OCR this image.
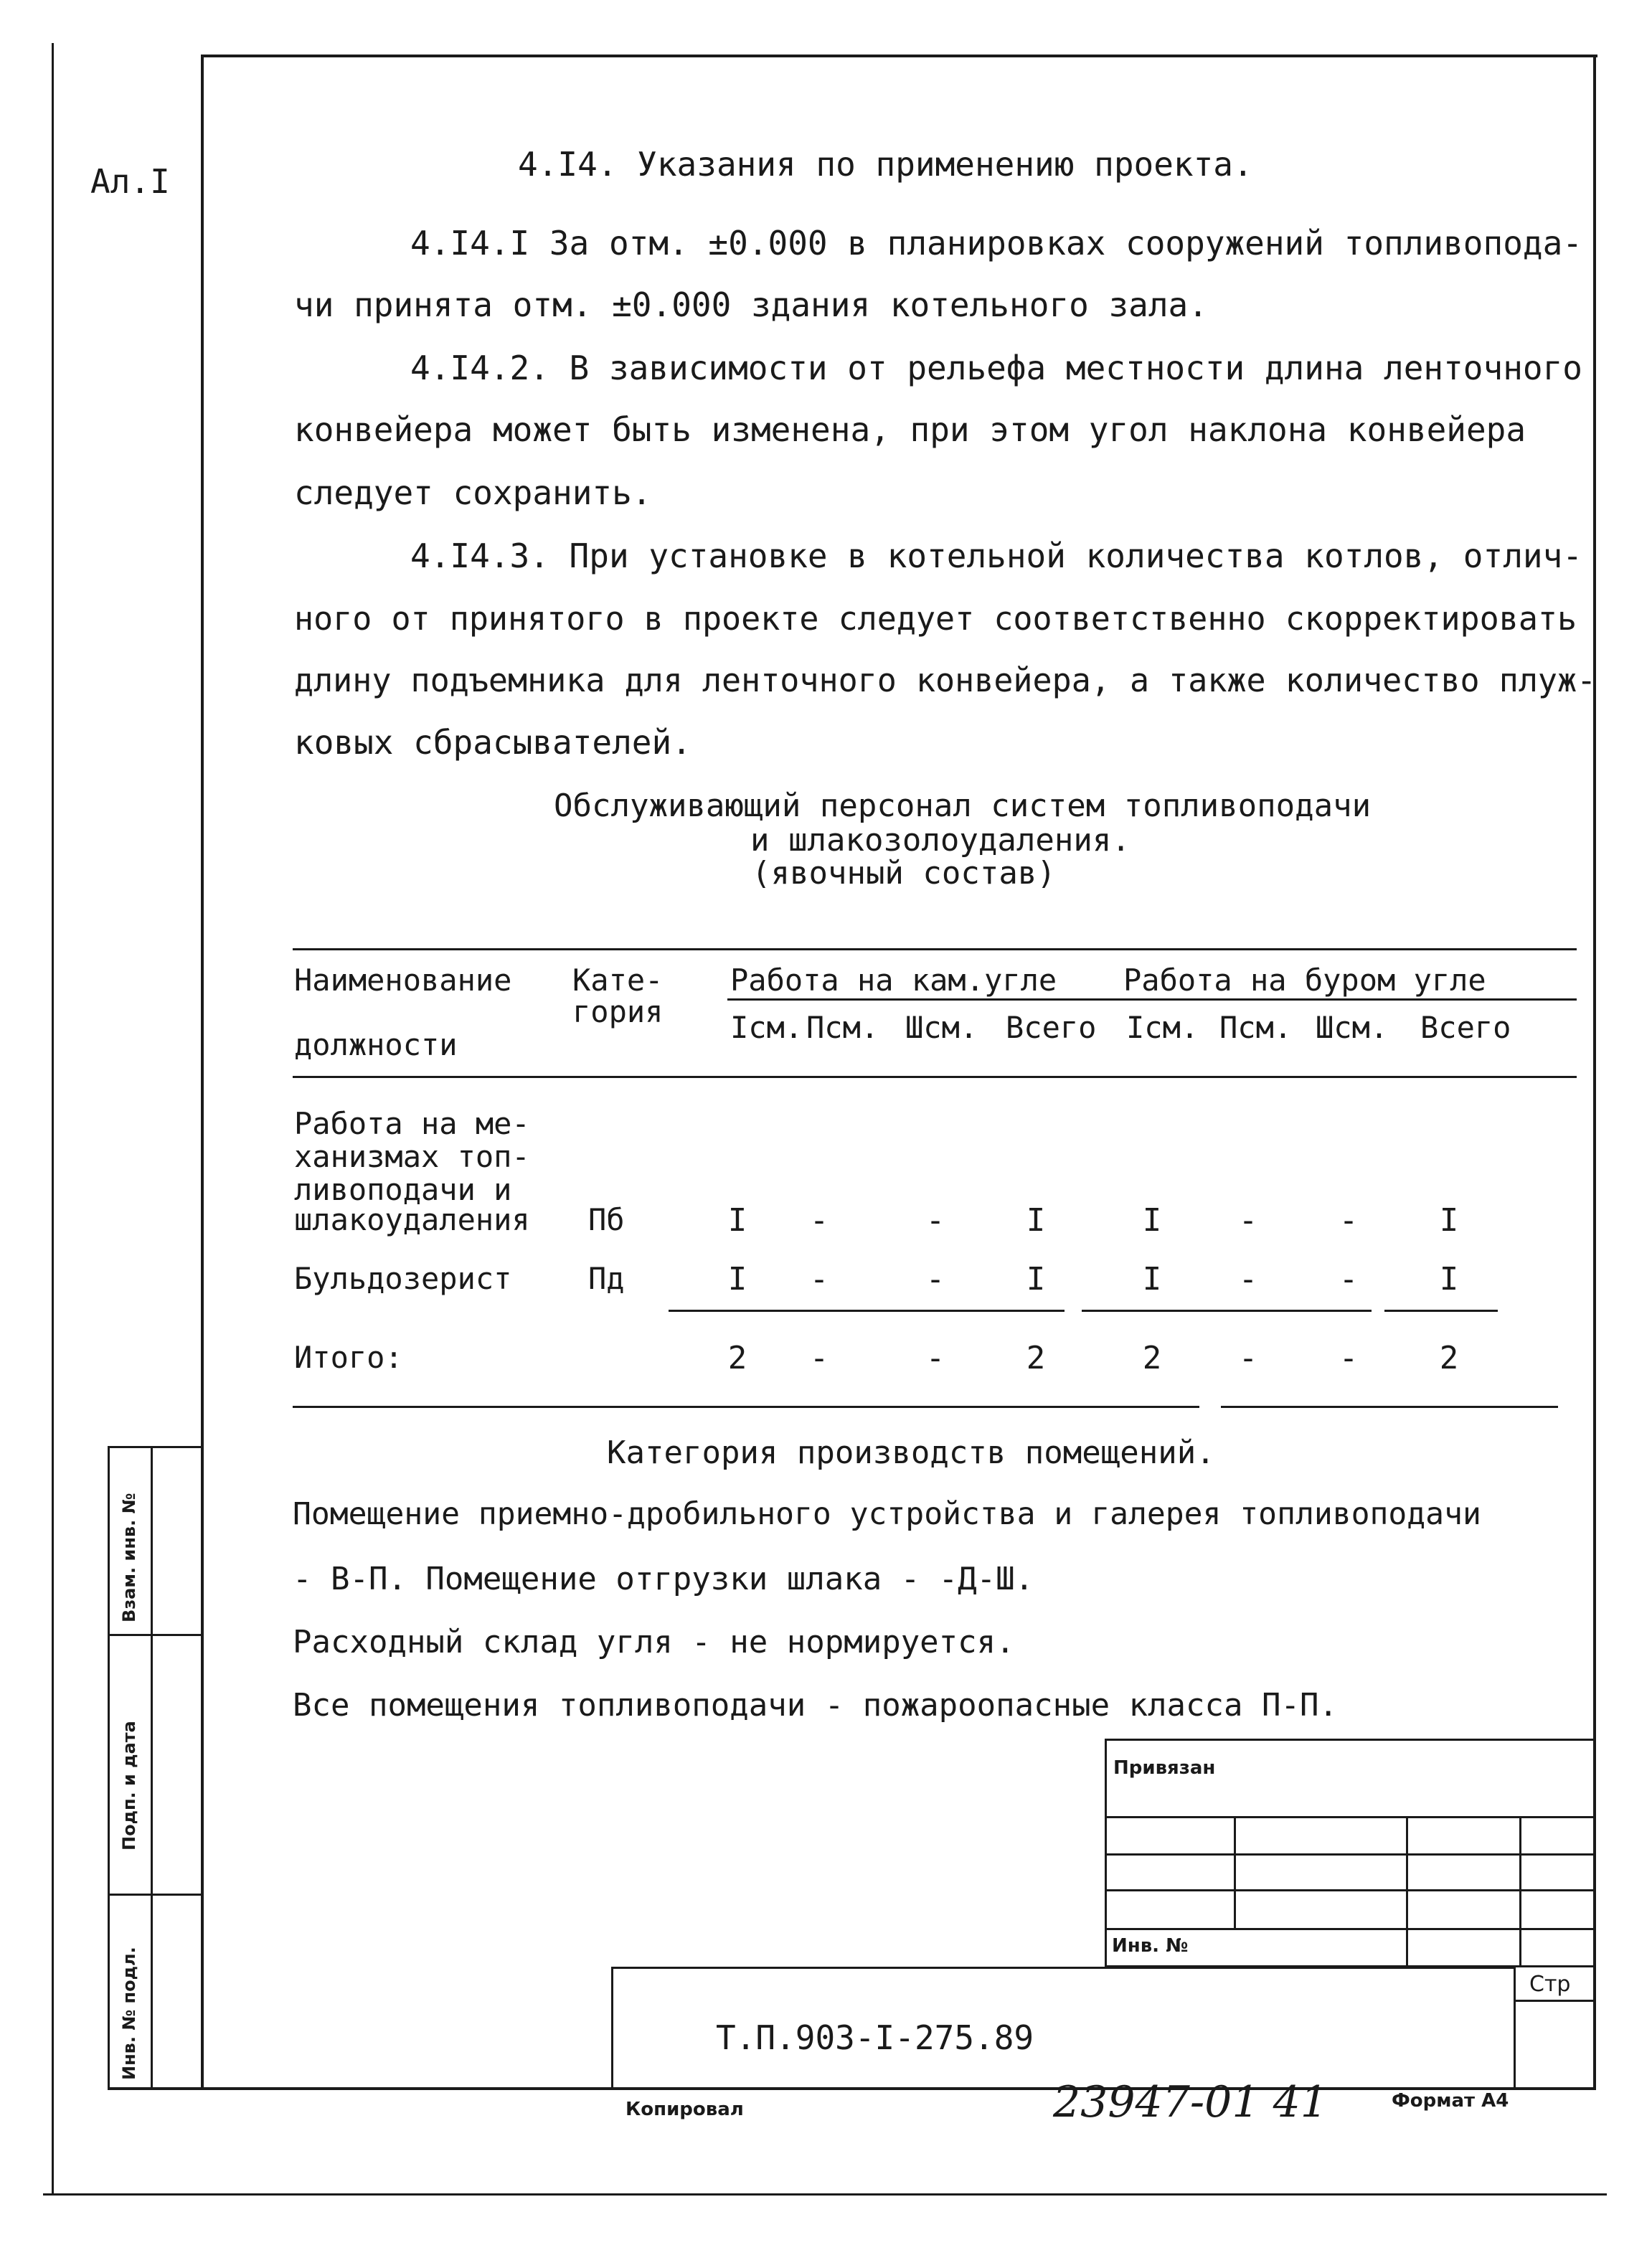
Ал.I	4.I4. Указания по применению проекта.
4.I4.I За отм. ±0.000 в планировках сооружений топливопода-
чи принята отм. ±0.000 здания котельного зала.
4.I4.2. В зависимости от рельефа местности длина ленточного
конвейера может быть изменена, при этом угол наклона конвейера
следует сохранить.
4.I4.3. При установке в котельной количества котлов, отлич-
ного от принятого в проекте следует соответственно скорректировать
длину подъемника для ленточного конвейера, а также количество плуж-
ковых сбрасывателей.
Обслуживающий персонал систем топливоподачи
и шлакозолоудаления.
(явочный состав)
Наименование
должности
Кате-
гория
Работа на кам.угле Работа на буром угле
Iсм. Псм. Шсм. Всего Iсм. Псм. Шсм. Всего
Работа на ме-
ханизмах топ-
ливоподачи и
шлакоудаления Пб	I -	-	I	I -	-	I
Бульдозерист	Пд	I -	-	I	I -	-	I
Итого:	2 -	-	2	2 -	-	2
Категория производств помещений.
Помещение приемно-дробильного устройства и галерея топливоподачи
- В-П. Помещение отгрузки шлака - -Д-Ш.
Расходный склад угля - не нормируется.
Все помещения топливоподачи - пожароопасные класса П-П.
Взам. инв. №
Подп. и дата
Инв. № подл.
Привязан
Инв. №
Стр
Т.П.903-I-275.89
Копировал	23947-01 41	Формат А4
